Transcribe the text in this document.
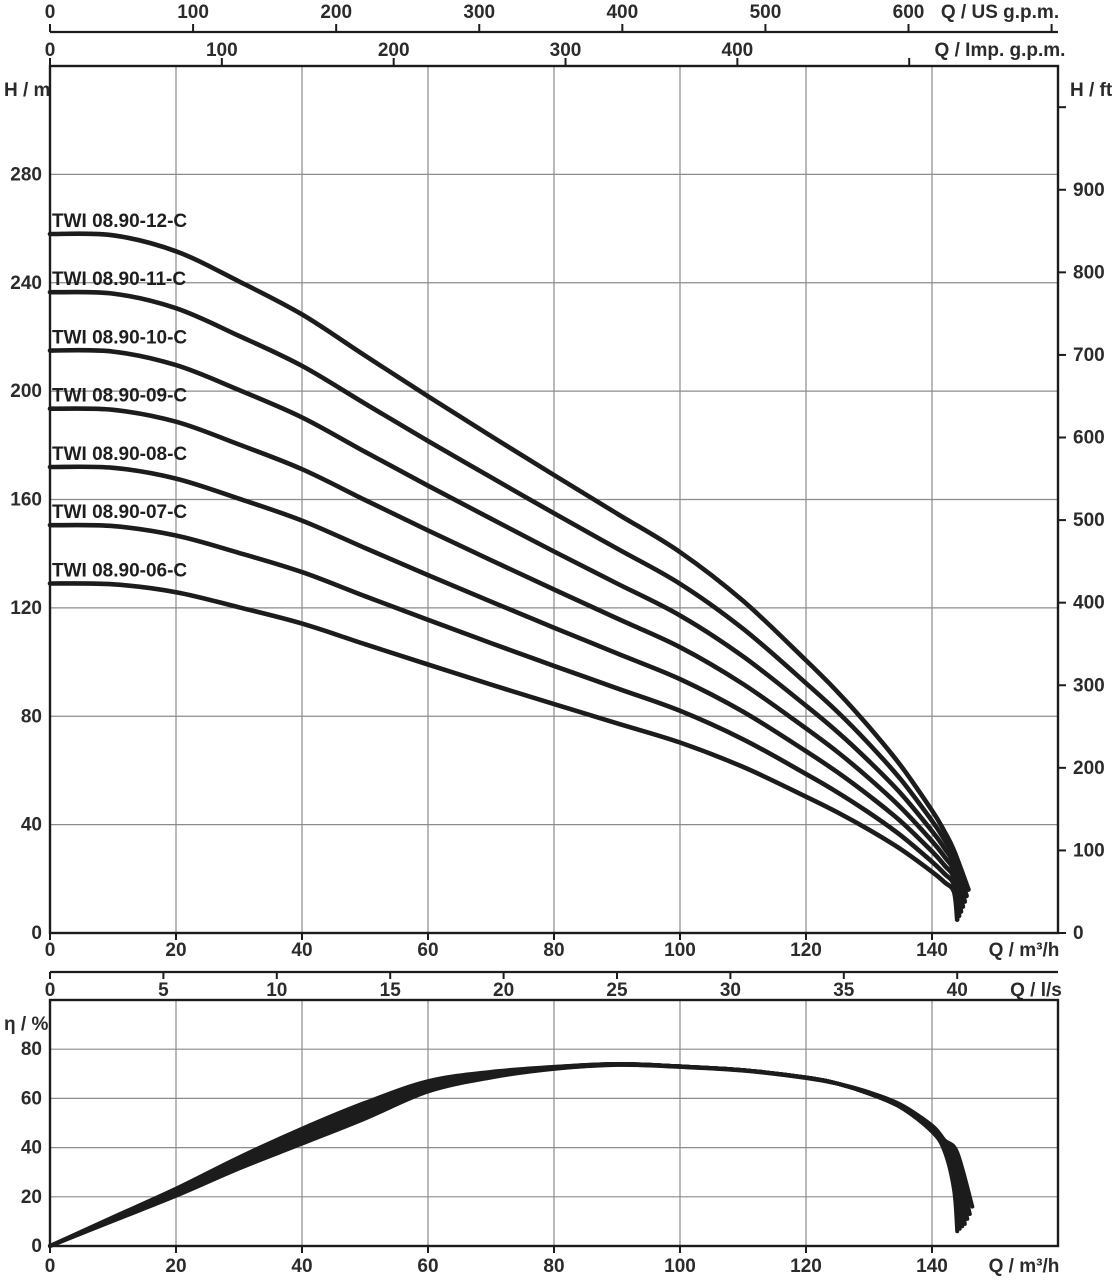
0	100	200	300	400	500	600 Q / US g.p.m.
0	100	200	300	400	Q / Imp. g.p.m.
0
40
80
120
160
200
240
280
H / m
0
100
200
300
400
500
600
700
800
900
H / ft
0	20	40	60	80	100	120	140 Q / m³/h
0	5	10	15	20	25	30	35	40 Q / l/s
TWI 08.90-12-C
TWI 08.90-11-C
TWI 08.90-10-C
TWI 08.90-09-C
TWI 08.90-08-C
TWI 08.90-07-C
TWI 08.90-06-C
0
20
40
60
80
η / %
0	20	40	60	80	100	120	140 Q / m³/h
